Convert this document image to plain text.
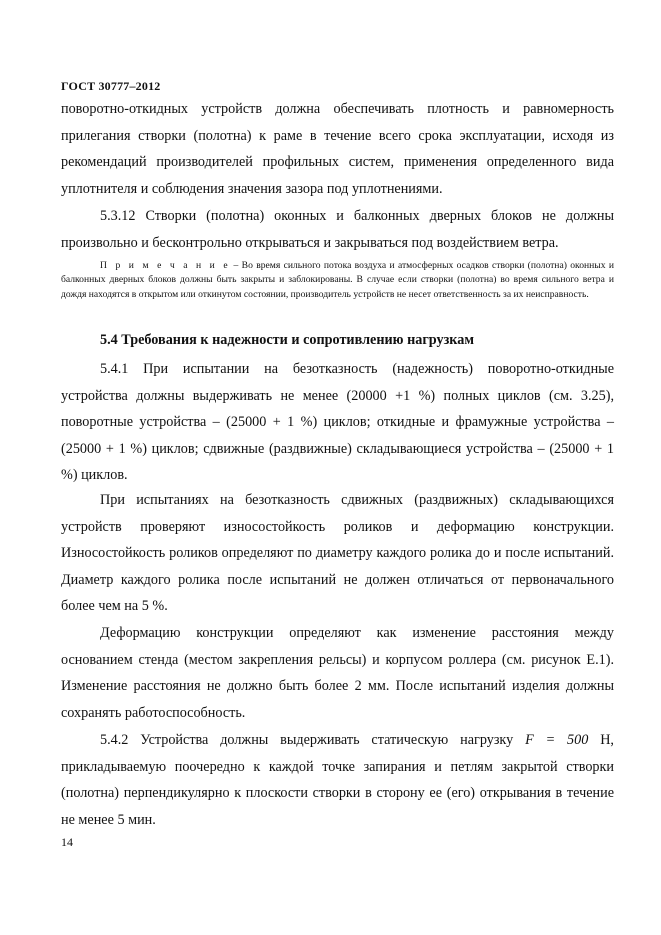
ГОСТ 30777–2012

поворотно-откидных устройств должна обеспечивать плотность и равномерность прилегания створки (полотна) к раме в течение всего срока эксплуатации, исходя из рекомендаций производителей профильных систем, применения определенного вида уплотнителя и соблюдения значения зазора под уплотнениями.

5.3.12 Створки (полотна) оконных и балконных дверных блоков не должны произвольно и бесконтрольно открываться и закрываться под воздействием ветра.

П р и м е ч а н и е – Во время сильного потока воздуха и атмосферных осадков створки (полотна) оконных и балконных дверных блоков должны быть закрыты и заблокированы. В случае если створки (полотна) во время сильного ветра и дождя находятся в открытом или откинутом состоянии, производитель устройств не несет ответственность за их неисправность.

5.4 Требования к надежности и сопротивлению нагрузкам

5.4.1 При испытании на безотказность (надежность) поворотно-откидные устройства должны выдерживать не менее (20000 +1 %) полных циклов (см. 3.25), поворотные устройства – (25000 + 1 %) циклов; откидные и фрамужные устройства – (25000 + 1 %) циклов; сдвижные (раздвижные) складывающиеся устройства – (25000 + 1 %) циклов.

При испытаниях на безотказность сдвижных (раздвижных) складывающихся устройств проверяют износостойкость роликов и деформацию конструкции. Износостойкость роликов определяют по диаметру каждого ролика до и после испытаний. Диаметр каждого ролика после испытаний не должен отличаться от первоначального более чем на 5 %.

Деформацию конструкции определяют как изменение расстояния между основанием стенда (местом закрепления рельсы) и корпусом роллера (см. рисунок Е.1). Изменение расстояния не должно быть более 2 мм. После испытаний изделия должны сохранять работоспособность.

5.4.2 Устройства должны выдерживать статическую нагрузку F = 500 Н, прикладываемую поочередно к каждой точке запирания и петлям закрытой створки (полотна) перпендикулярно к плоскости створки в сторону ее (его) открывания в течение не менее 5 мин.

14
